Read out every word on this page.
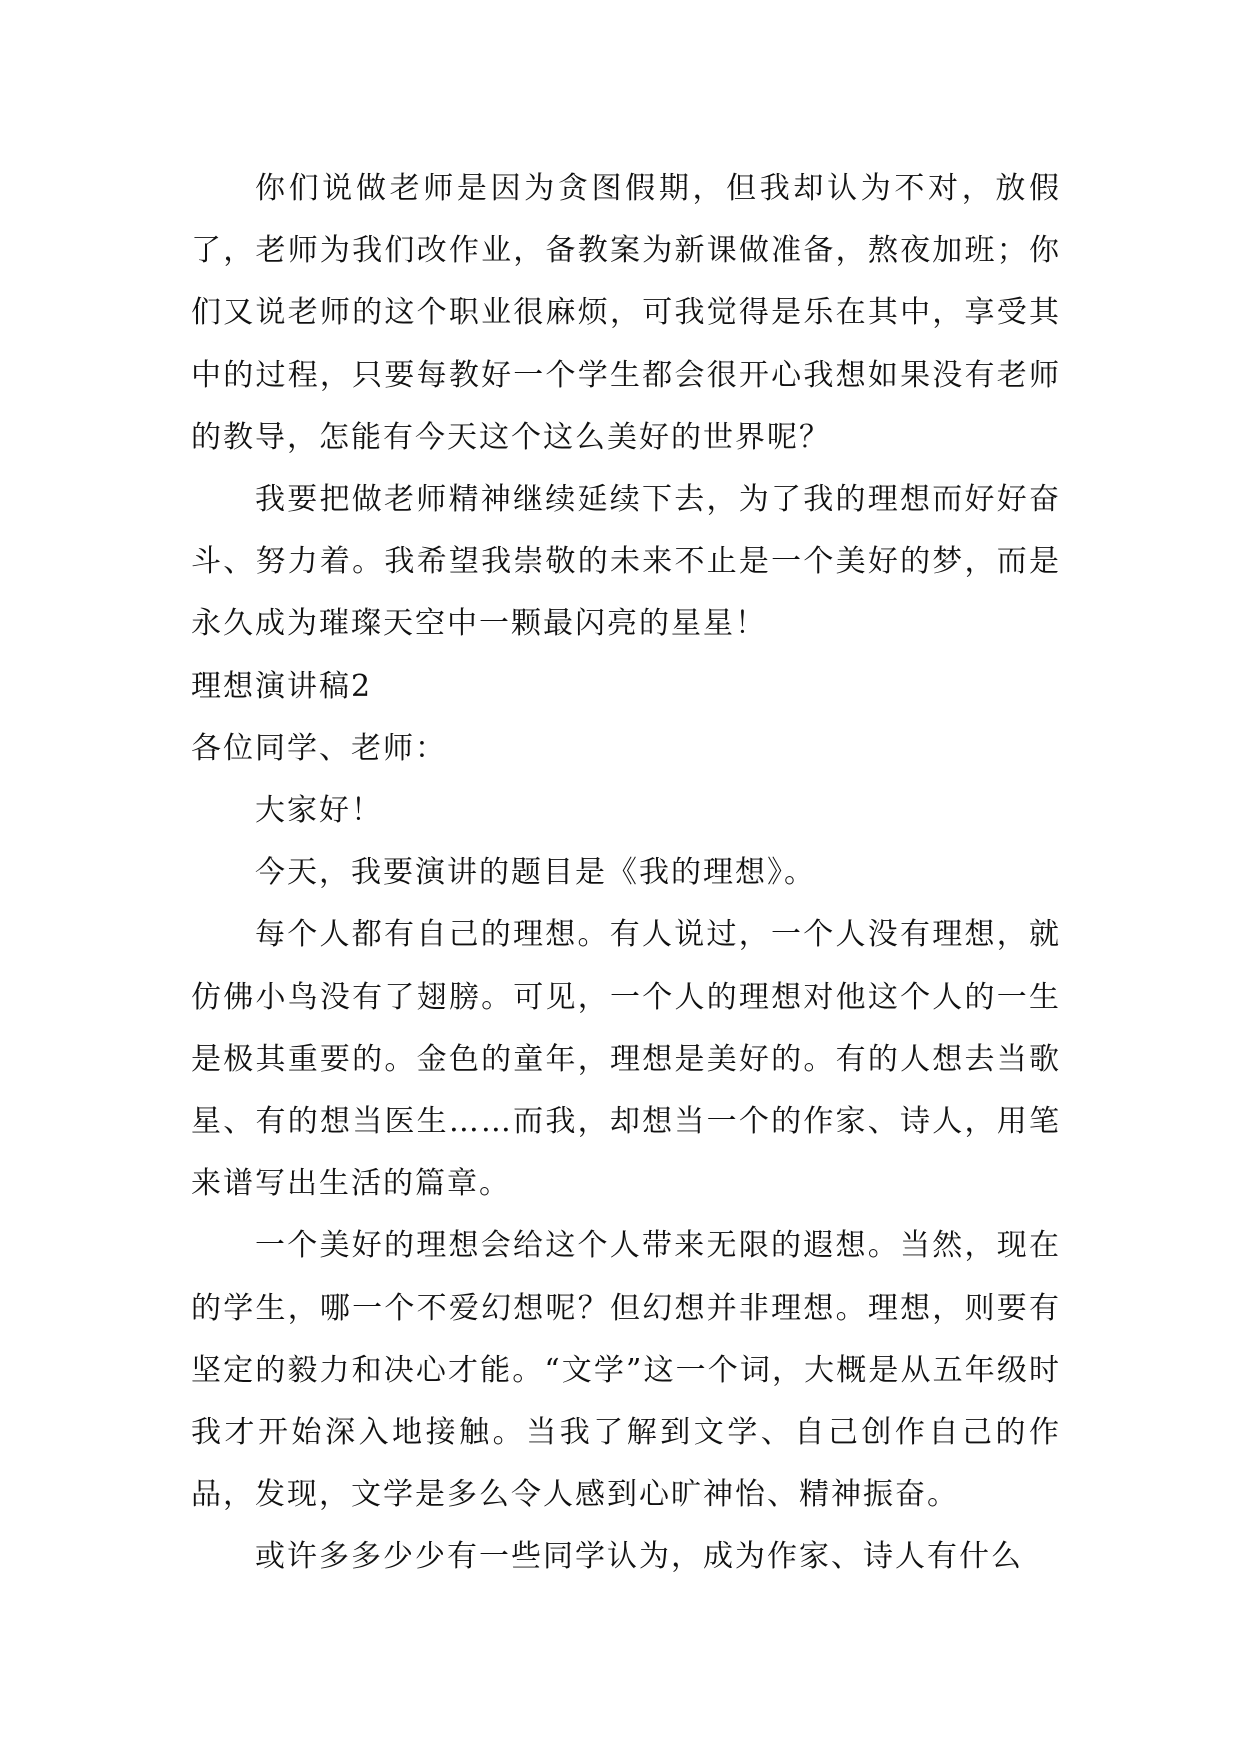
你们说做老师是因为贪图假期，但我却认为不对，放假了，老师为我们改作业，备教案为新课做准备，熬夜加班；你们又说老师的这个职业很麻烦，可我觉得是乐在其中，享受其中的过程，只要每教好一个学生都会很开心我想如果没有老师的教导，怎能有今天这个这么美好的世界呢？

我要把做老师精神继续延续下去，为了我的理想而好好奋斗、努力着。我希望我崇敬的未来不止是一个美好的梦，而是永久成为璀璨天空中一颗最闪亮的星星！

理想演讲稿2

各位同学、老师：

大家好！

今天，我要演讲的题目是《我的理想》。

每个人都有自己的理想。有人说过，一个人没有理想，就仿佛小鸟没有了翅膀。可见，一个人的理想对他这个人的一生是极其重要的。金色的童年，理想是美好的。有的人想去当歌星、有的想当医生……而我，却想当一个的作家、诗人，用笔来谱写出生活的篇章。

一个美好的理想会给这个人带来无限的遐想。当然，现在的学生，哪一个不爱幻想呢？但幻想并非理想。理想，则要有坚定的毅力和决心才能。“文学”这一个词，大概是从五年级时我才开始深入地接触。当我了解到文学、自己创作自己的作品，发现，文学是多么令人感到心旷神怡、精神振奋。

或许多多少少有一些同学认为，成为作家、诗人有什么
